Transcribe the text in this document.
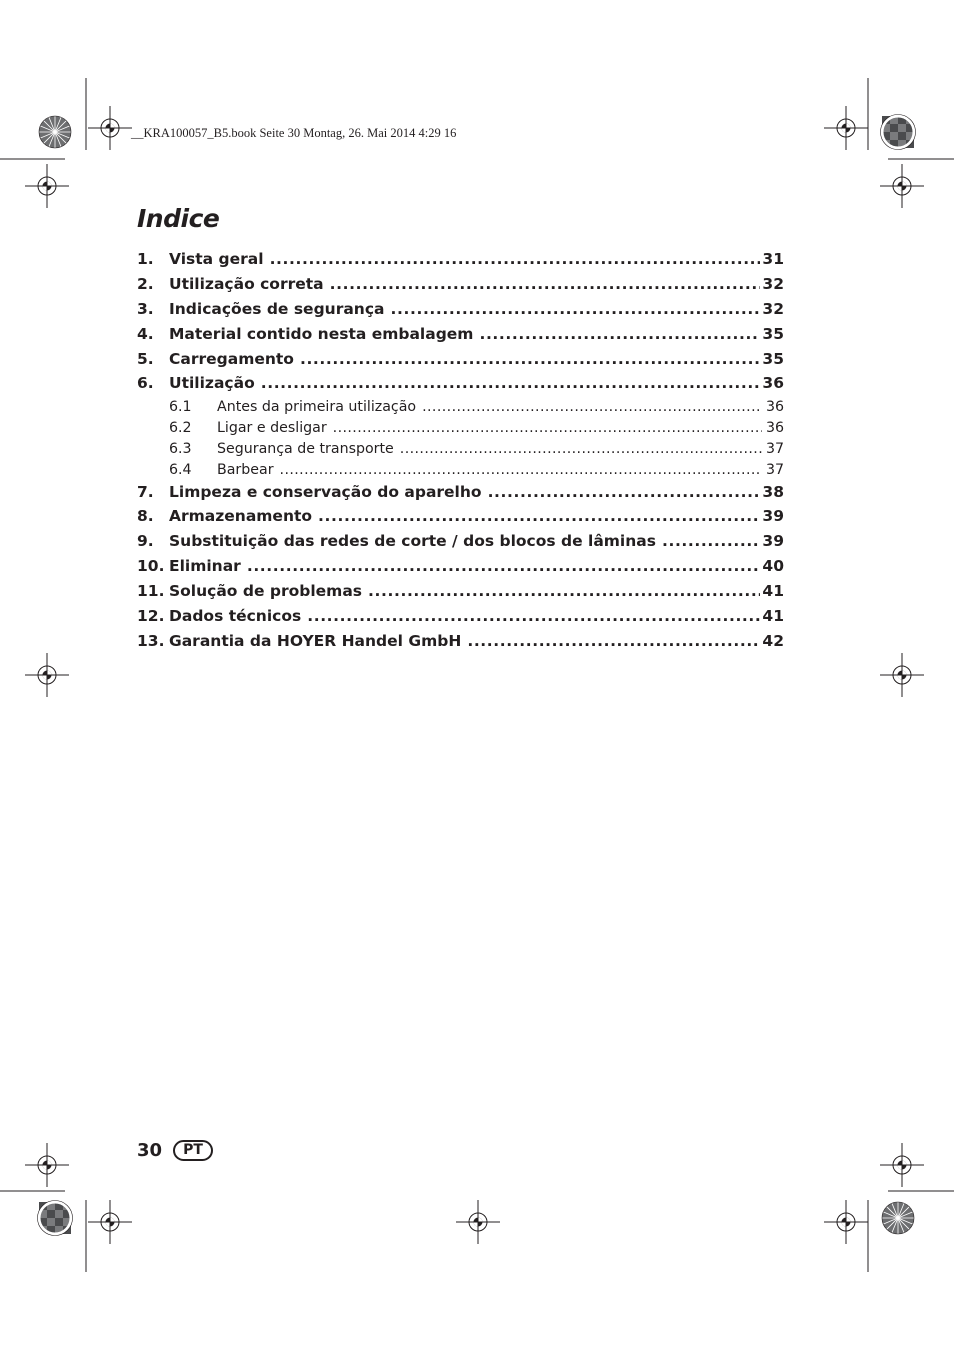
__KRA100057_B5.book Seite 30 Montag, 26. Mai 2014 4:29 16
Indice
1. Vista geral .....	31
2. Utilização correta .....	32
3. Indicações de segurança .....	32
4. Material contido nesta embalagem .....	35
5. Carregamento .....	35
6. Utilização .....	36
6.1	Antes da primeira utilização .....	36
6.2	Ligar e desligar .....	36
6.3	Segurança de transporte .....	37
6.4	Barbear .....	37
7. Limpeza e conservação do aparelho .....	38
8. Armazenamento .....	39
9. Substituição das redes de corte / dos blocos de lâminas .....	39
10. Eliminar .....	40
11. Solução de problemas .....	41
12. Dados técnicos .....	41
13. Garantia da HOYER Handel GmbH .....	42
30	PT
